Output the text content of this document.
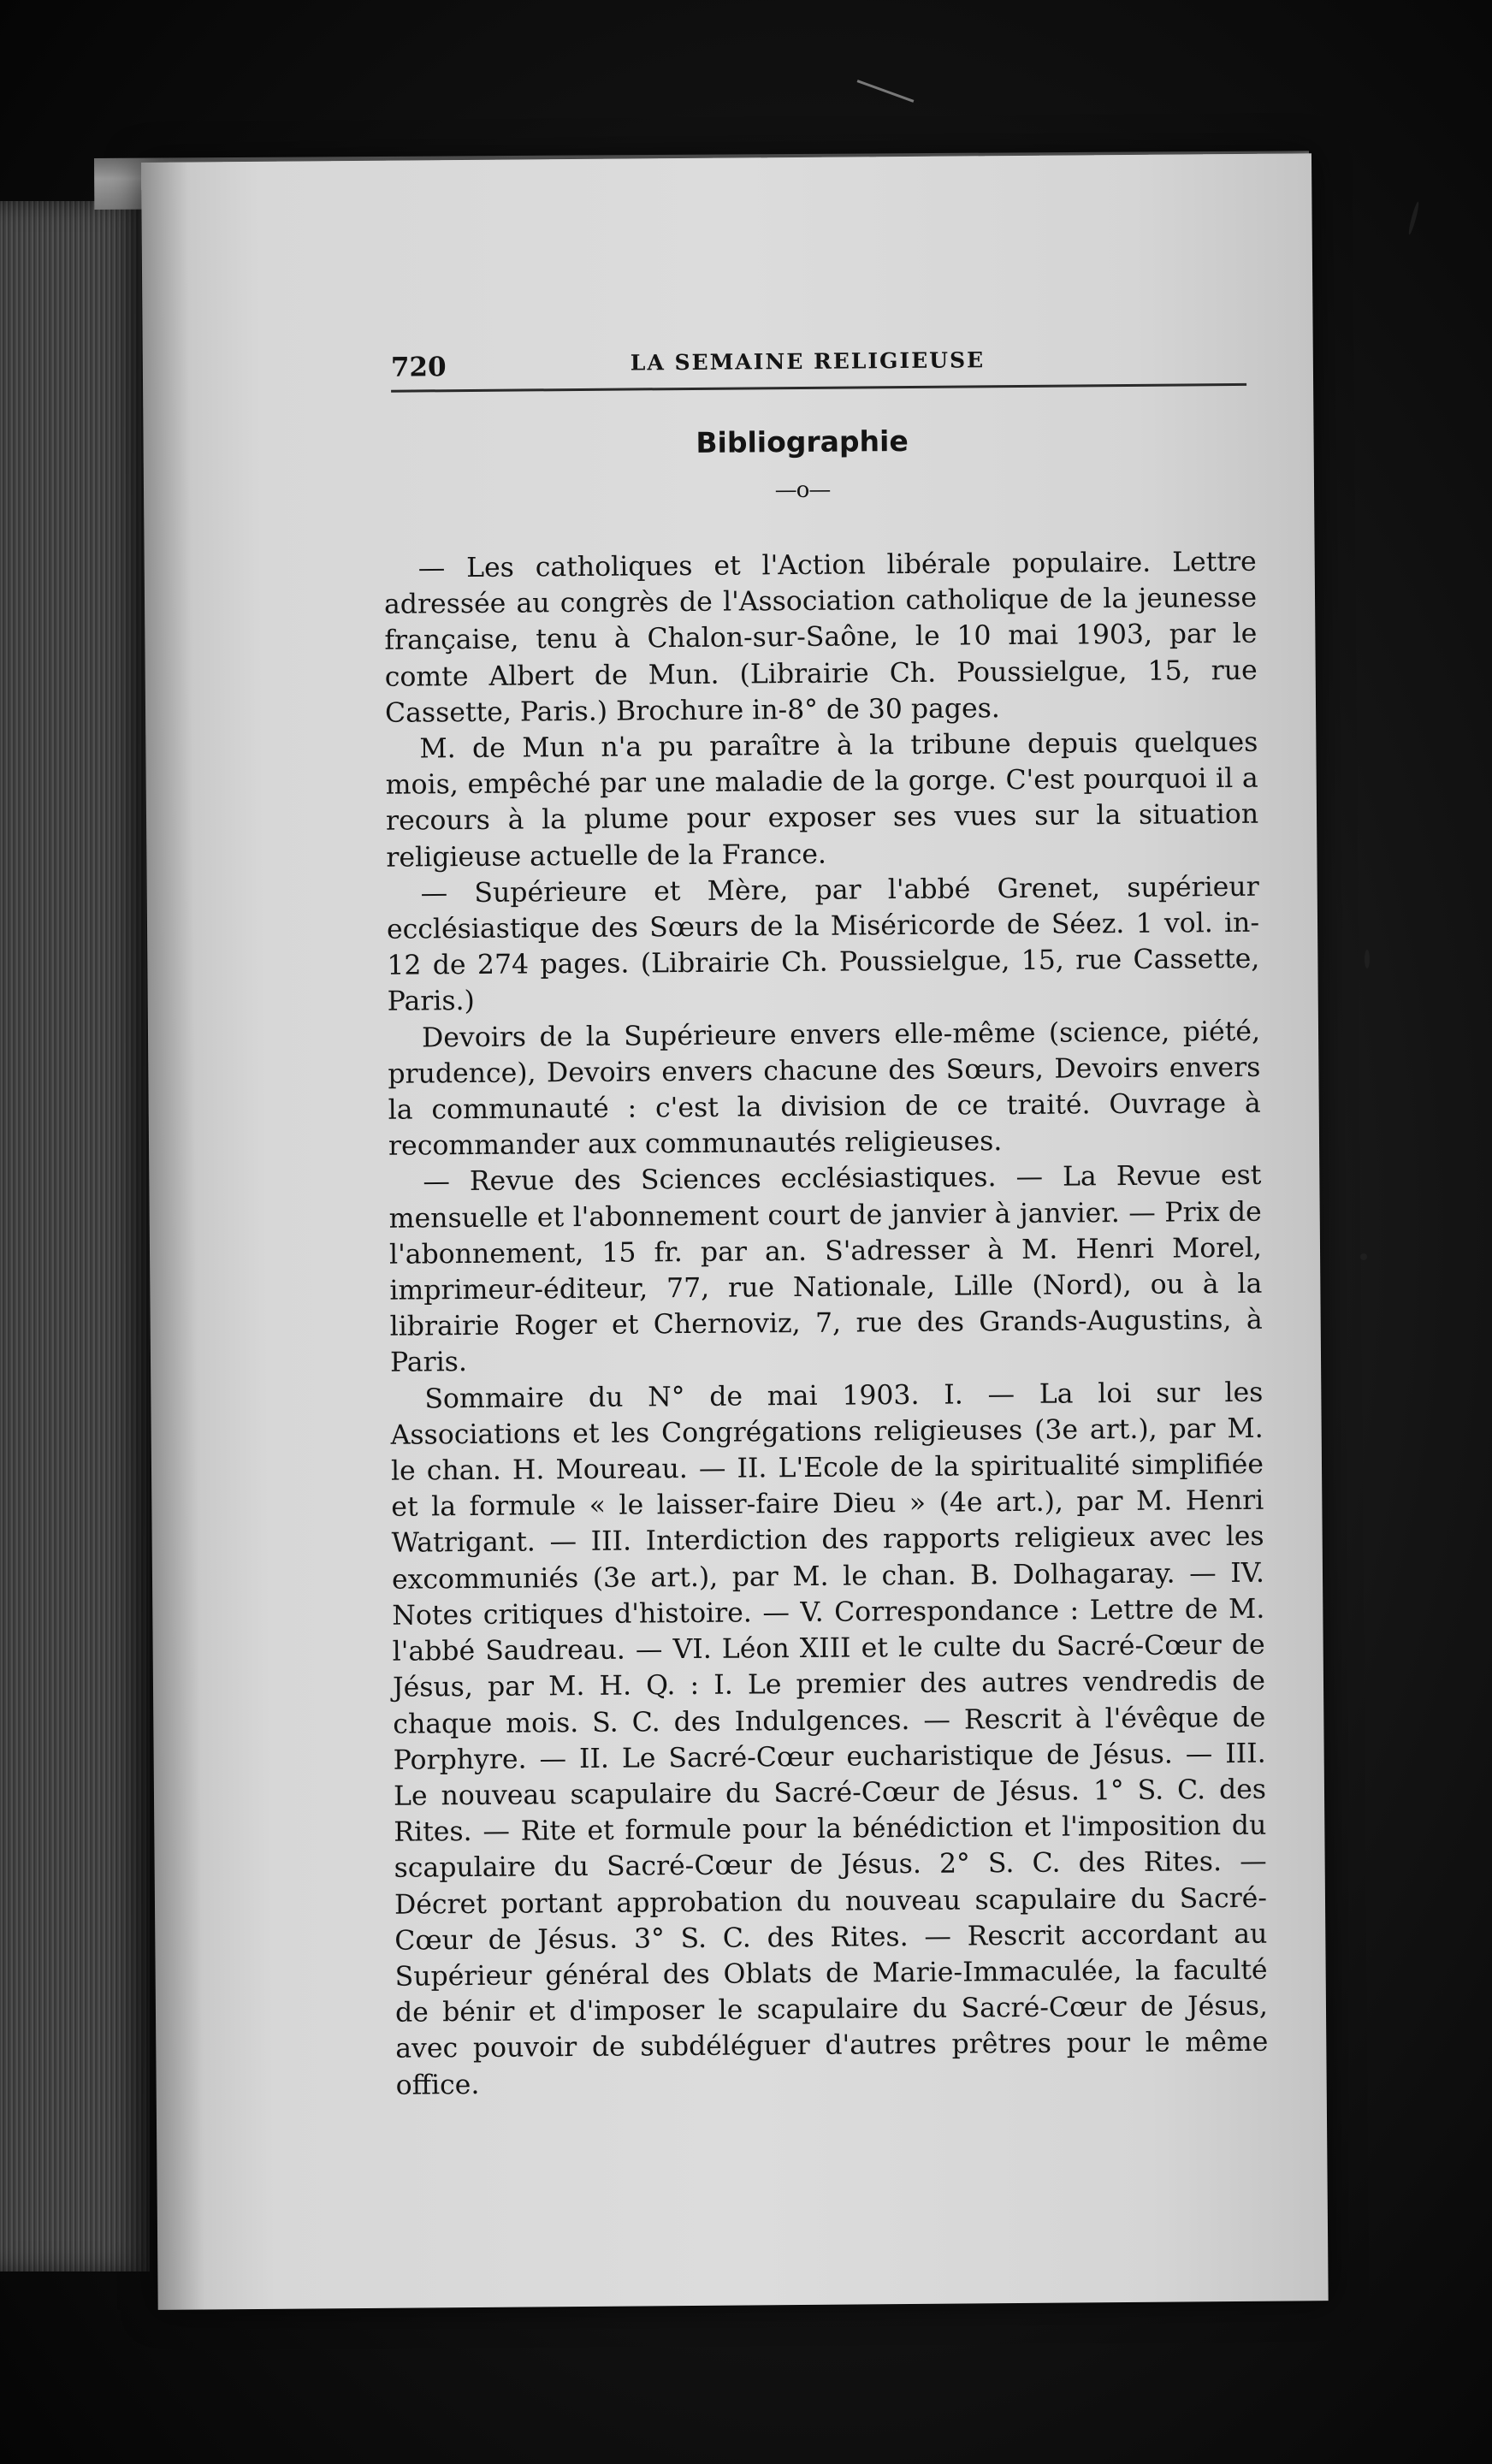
720	LA SEMAINE RELIGIEUSE
Bibliographie
—o—

— Les catholiques et l'Action libérale populaire. Lettre adressée au congrès de l'Association catholique de la jeunesse française, tenu à Chalon-sur-Saône, le 10 mai 1903, par le comte Albert de Mun. (Librairie Ch. Poussielgue, 15, rue Cassette, Paris.) Brochure in-8° de 30 pages.

M. de Mun n'a pu paraître à la tribune depuis quelques mois, empêché par une maladie de la gorge. C'est pourquoi il a recours à la plume pour exposer ses vues sur la situation religieuse actuelle de la France.

— Supérieure et Mère, par l'abbé Grenet, supérieur ecclésiastique des Sœurs de la Miséricorde de Séez. 1 vol. in-12 de 274 pages. (Librairie Ch. Poussielgue, 15, rue Cassette, Paris.)

Devoirs de la Supérieure envers elle-même (science, piété, prudence), Devoirs envers chacune des Sœurs, Devoirs envers la communauté : c'est la division de ce traité. Ouvrage à recommander aux communautés religieuses.

— Revue des Sciences ecclésiastiques. — La Revue est mensuelle et l'abonnement court de janvier à janvier. — Prix de l'abonnement, 15 fr. par an. S'adresser à M. Henri Morel, imprimeur-éditeur, 77, rue Nationale, Lille (Nord), ou à la librairie Roger et Chernoviz, 7, rue des Grands-Augustins, à Paris.

Sommaire du N° de mai 1903. I. — La loi sur les Associations et les Congrégations religieuses (3e art.), par M. le chan. H. Moureau. — II. L'Ecole de la spiritualité simplifiée et la formule « le laisser-faire Dieu » (4e art.), par M. Henri Watrigant. — III. Interdiction des rapports religieux avec les excommuniés (3e art.), par M. le chan. B. Dolhagaray. — IV. Notes critiques d'histoire. — V. Correspondance : Lettre de M. l'abbé Saudreau. — VI. Léon XIII et le culte du Sacré-Cœur de Jésus, par M. H. Q. : I. Le premier des autres vendredis de chaque mois. S. C. des Indulgences. — Rescrit à l'évêque de Porphyre. — II. Le Sacré-Cœur eucharistique de Jésus. — III. Le nouveau scapulaire du Sacré-Cœur de Jésus. 1° S. C. des Rites. — Rite et formule pour la bénédiction et l'imposition du scapulaire du Sacré-Cœur de Jésus. 2° S. C. des Rites. — Décret portant approbation du nouveau scapulaire du Sacré-Cœur de Jésus. 3° S. C. des Rites. — Rescrit accordant au Supérieur général des Oblats de Marie-Immaculée, la faculté de bénir et d'imposer le scapulaire du Sacré-Cœur de Jésus, avec pouvoir de subdéléguer d'autres prêtres pour le même office.
